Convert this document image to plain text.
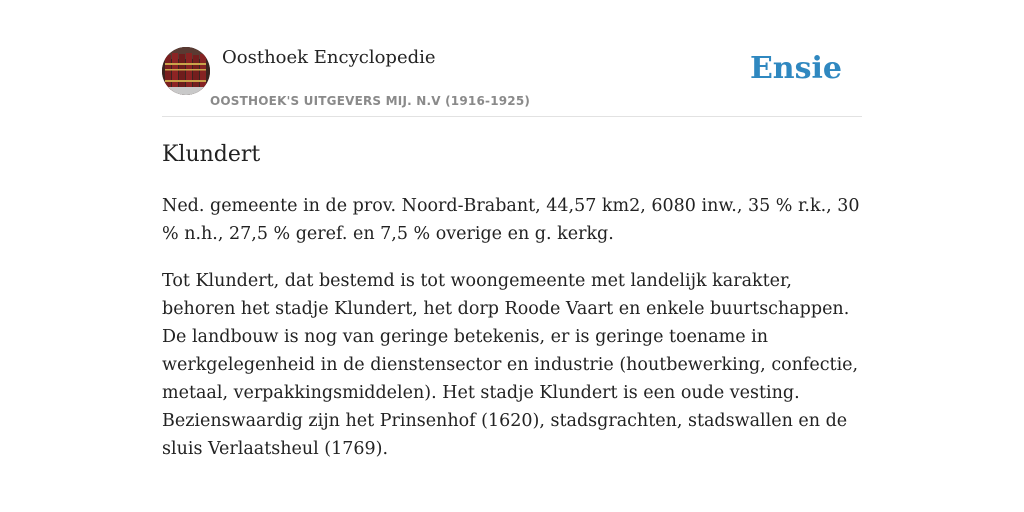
Oosthoek Encyclopedie
OOSTHOEK'S UITGEVERS MIJ. N.V (1916-1925)
Ensie
Klundert

Ned. gemeente in de prov. Noord-Brabant, 44,57 km2, 6080 inw., 35 % r.k., 30 % n.h., 27,5 % geref. en 7,5 % overige en g. kerkg.

Tot Klundert, dat bestemd is tot woongemeente met landelijk karakter, behoren het stadje Klundert, het dorp Roode Vaart en enkele buurtschappen. De landbouw is nog van geringe betekenis, er is geringe toename in werkgelegenheid in de dienstensector en industrie (houtbewerking, confectie, metaal, verpakkingsmiddelen). Het stadje Klundert is een oude vesting. Bezienswaardig zijn het Prinsenhof (1620), stadsgrachten, stadswallen en de sluis Verlaatsheul (1769).
